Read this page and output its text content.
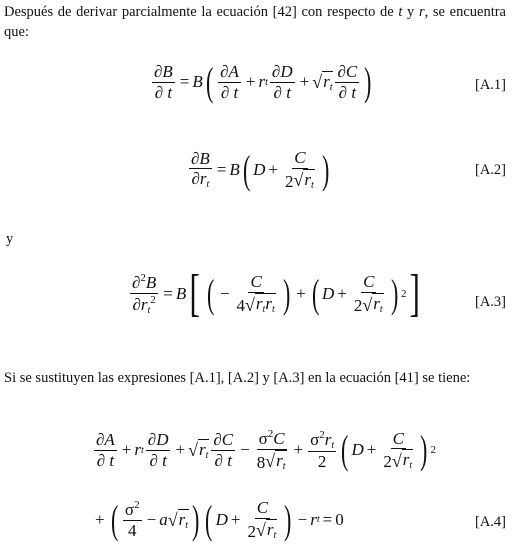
Después de derivar parcialmente la ecuación [42] con respecto de t y r, se encuentra que:
$\frac{\partial B}{\partial t} = B$ ( $\frac{\partial A}{\partial t} + r$ t $\frac{\partial D}{\partial t}$ + √ $r_t \frac{\partial C}{\partial t}$ )	[A.1]
$\frac{\partial B}{\partial r_t} = B$ ( $D + \frac{C}{2 √ r_t}$ )	[A.2]
y
$\frac{\partial^2B}{\partial r_t^2} = B$ [ ( − $\frac{C}{4 √ r_tr_t}$ ) + ( $D + \frac{C}{2 √ r_t}$ ) 2 ]	[A.3]
Si se sustituyen las expresiones [A.1], [A.2] y [A.3] en la ecuación [41] se tiene:
$\frac{\partial A}{\partial t} + r$ t $\frac{\partial D}{\partial t}$ + √ $r_t \frac{\partial C}{\partial t} - \frac{\sigma^2C}{8 √ r_t} + \frac{\sigma^2r_t}{2}$ ( $D + \frac{C}{2 √ r_t}$ ) 2
+ ( $\frac{\sigma^2}{4} - a$ √ $r_t$ ) ( $D + \frac{C}{2 √ r_t}$ ) − r t = 0	[A.4]
